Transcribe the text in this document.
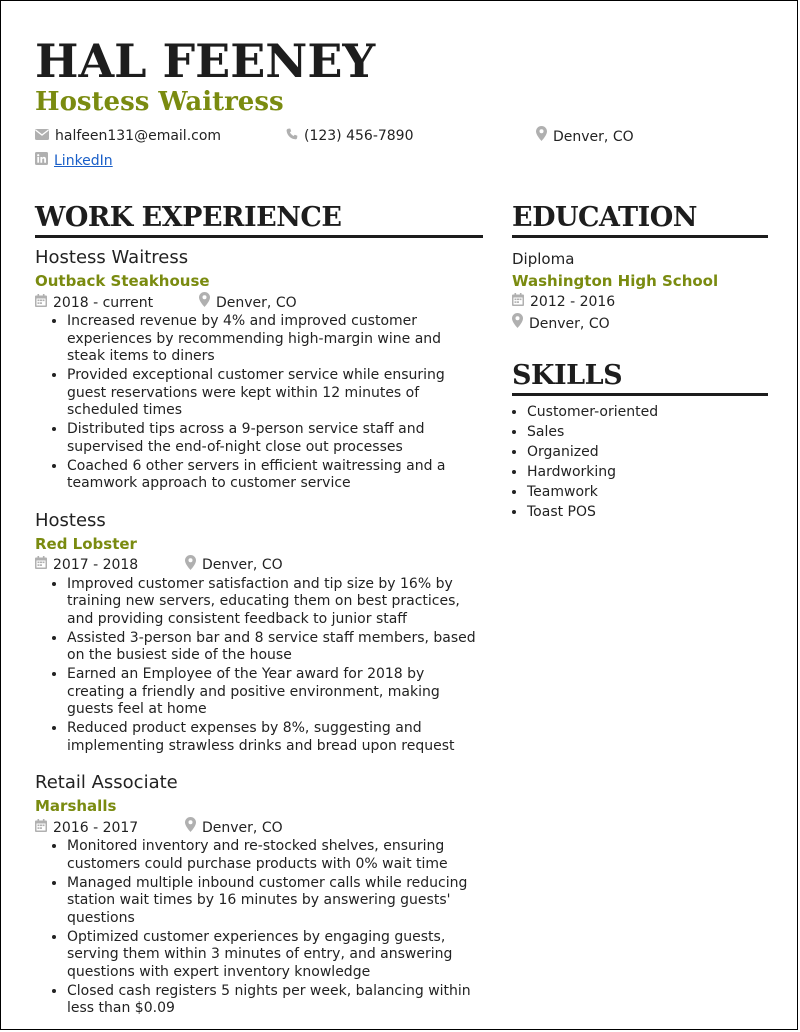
HAL FEENEY
Hostess Waitress
halfeen131@email.com	(123) 456-7890	Denver, CO
LinkedIn
WORK EXPERIENCE
Hostess Waitress
Outback Steakhouse
2018 - current	Denver, CO
• Increased revenue by 4% and improved customer experiences by recommending high-margin wine and steak items to diners
• Provided exceptional customer service while ensuring guest reservations were kept within 12 minutes of scheduled times
• Distributed tips across a 9-person service staff and supervised the end-of-night close out processes
• Coached 6 other servers in efficient waitressing and a teamwork approach to customer service
Hostess
Red Lobster
2017 - 2018	Denver, CO
• Improved customer satisfaction and tip size by 16% by training new servers, educating them on best practices, and providing consistent feedback to junior staff
• Assisted 3-person bar and 8 service staff members, based on the busiest side of the house
• Earned an Employee of the Year award for 2018 by creating a friendly and positive environment, making guests feel at home
• Reduced product expenses by 8%, suggesting and implementing strawless drinks and bread upon request
Retail Associate
Marshalls
2016 - 2017	Denver, CO
• Monitored inventory and re-stocked shelves, ensuring customers could purchase products with 0% wait time
• Managed multiple inbound customer calls while reducing station wait times by 16 minutes by answering guests' questions
• Optimized customer experiences by engaging guests, serving them within 3 minutes of entry, and answering questions with expert inventory knowledge
• Closed cash registers 5 nights per week, balancing within less than $0.09
EDUCATION
Diploma
Washington High School
2012 - 2016
Denver, CO
SKILLS
• Customer-oriented
• Sales
• Organized
• Hardworking
• Teamwork
• Toast POS
